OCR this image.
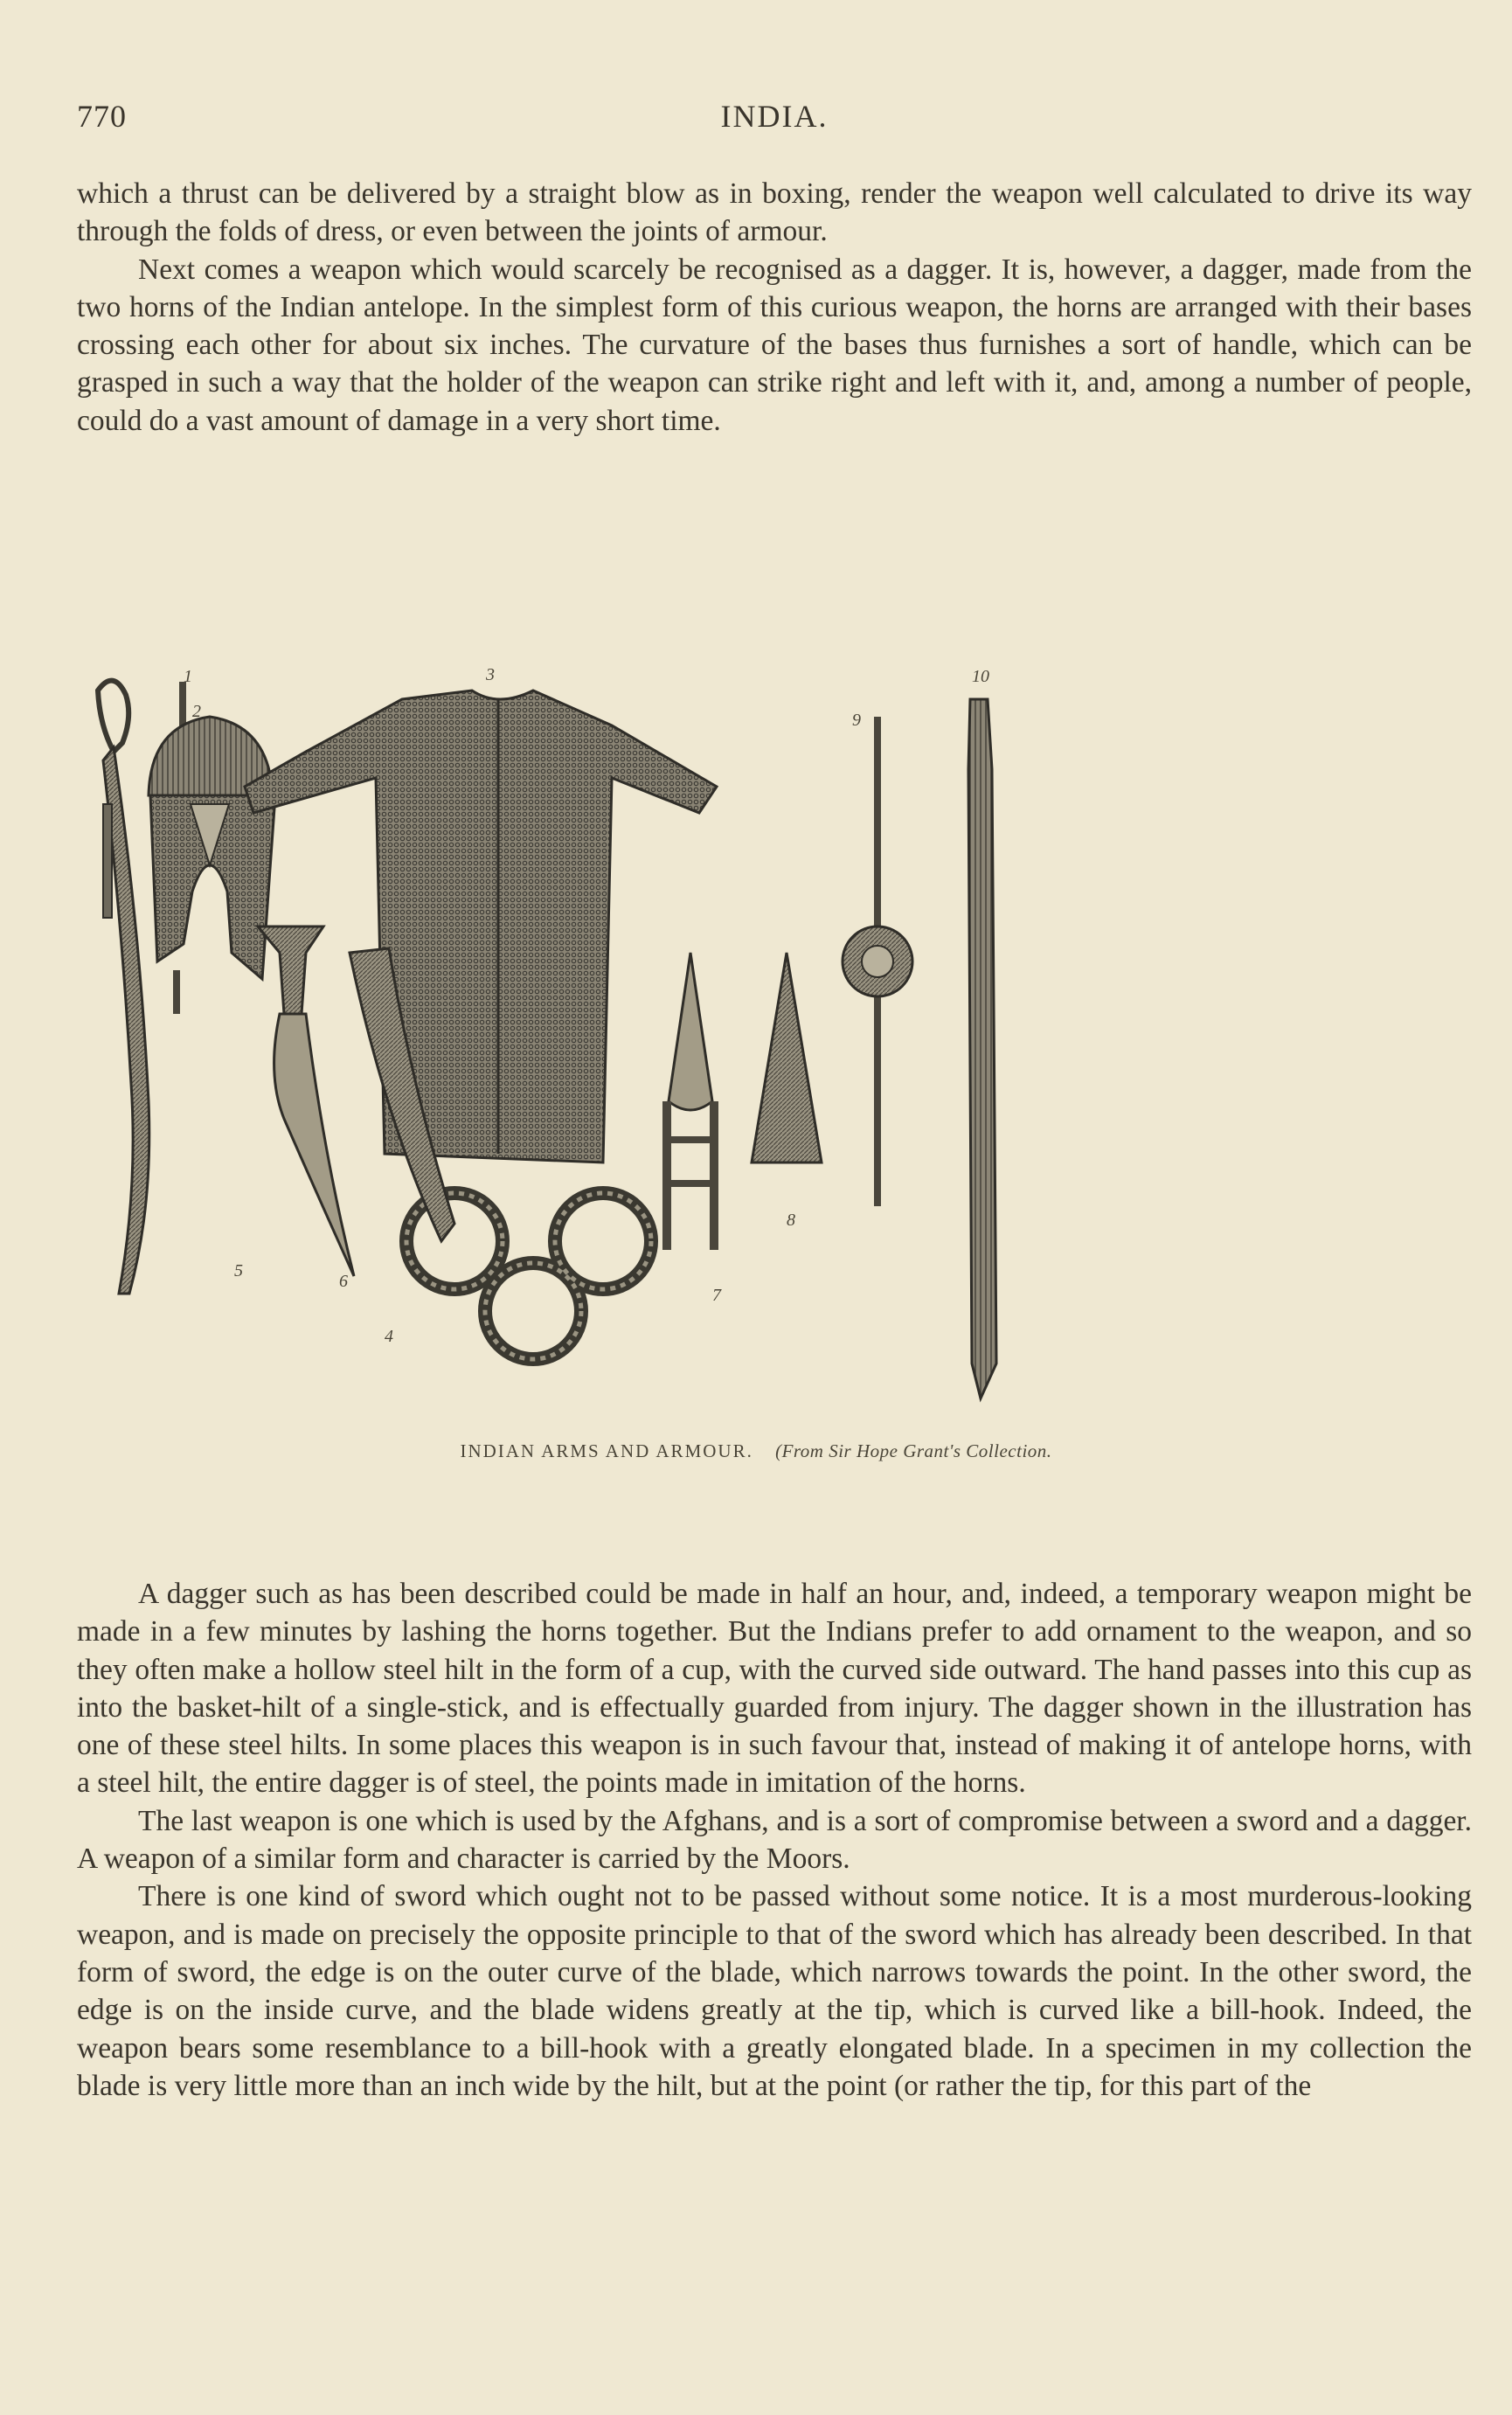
770	INDIA.

which a thrust can be delivered by a straight blow as in boxing, render the weapon well calculated to drive its way through the folds of dress, or even between the joints of armour.

Next comes a weapon which would scarcely be recognised as a dagger. It is, however, a dagger, made from the two horns of the Indian antelope. In the simplest form of this curious weapon, the horns are arranged with their bases crossing each other for about six inches. The curvature of the bases thus furnishes a sort of handle, which can be grasped in such a way that the holder of the weapon can strike right and left with it, and, among a number of people, could do a vast amount of damage in a very short time.

1
2
3
4
5
6
7
8
9
10
INDIAN ARMS AND ARMOUR. (From Sir Hope Grant's Collection.

A dagger such as has been described could be made in half an hour, and, indeed, a temporary weapon might be made in a few minutes by lashing the horns together. But the Indians prefer to add ornament to the weapon, and so they often make a hollow steel hilt in the form of a cup, with the curved side outward. The hand passes into this cup as into the basket-hilt of a single-stick, and is effectually guarded from injury. The dagger shown in the illustration has one of these steel hilts. In some places this weapon is in such favour that, instead of making it of antelope horns, with a steel hilt, the entire dagger is of steel, the points made in imitation of the horns.

The last weapon is one which is used by the Afghans, and is a sort of compromise between a sword and a dagger. A weapon of a similar form and character is carried by the Moors.

There is one kind of sword which ought not to be passed without some notice. It is a most murderous-looking weapon, and is made on precisely the opposite principle to that of the sword which has already been described. In that form of sword, the edge is on the outer curve of the blade, which narrows towards the point. In the other sword, the edge is on the inside curve, and the blade widens greatly at the tip, which is curved like a bill-hook. Indeed, the weapon bears some resemblance to a bill-hook with a greatly elongated blade. In a specimen in my collection the blade is very little more than an inch wide by the hilt, but at the point (or rather the tip, for this part of the
